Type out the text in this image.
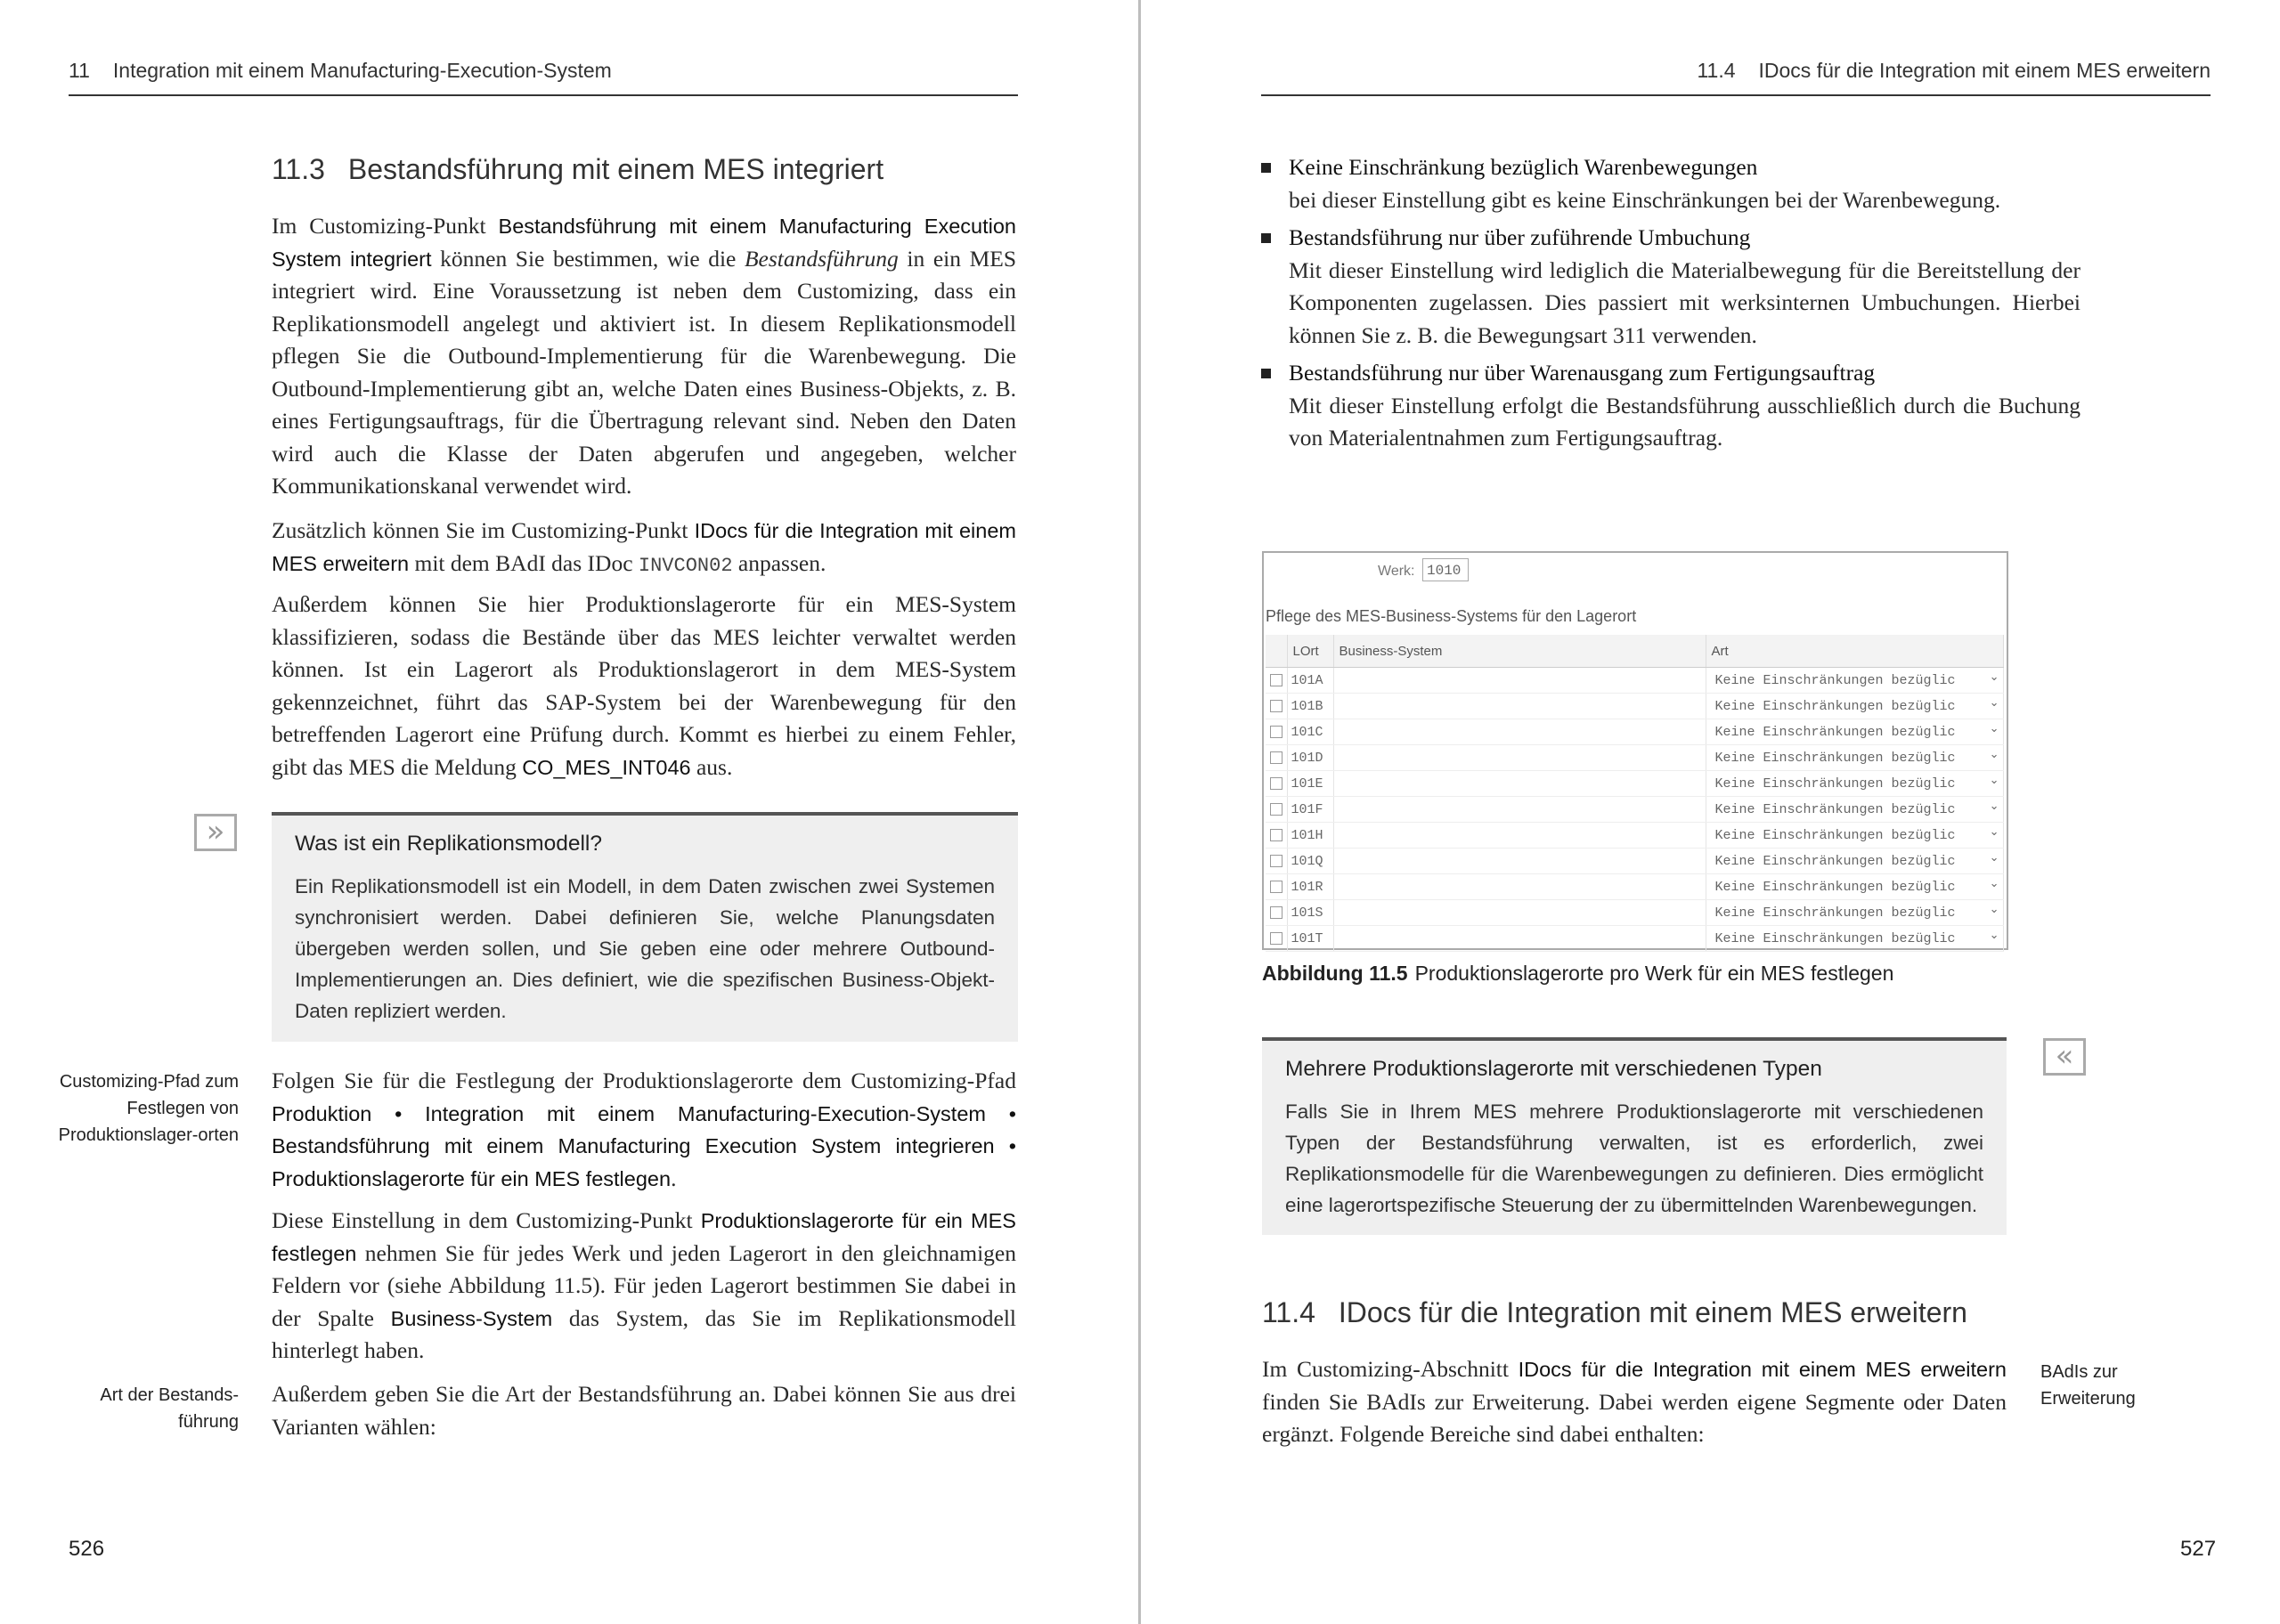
11 Integration mit einem Manufacturing-Execution-System
11.3 Bestandsführung mit einem MES integriert
Im Customizing-Punkt Bestandsführung mit einem Manufacturing Execution System integriert können Sie bestimmen, wie die Bestandsführung in ein MES integriert wird. Eine Voraussetzung ist neben dem Customizing, dass ein Replikationsmodell angelegt und aktiviert ist. In diesem Replikationsmodell pflegen Sie die Outbound-Implementierung für die Warenbewegung. Die Outbound-Implementierung gibt an, welche Daten eines Business-Objekts, z. B. eines Fertigungsauftrags, für die Übertragung relevant sind. Neben den Daten wird auch die Klasse der Daten abgerufen und angegeben, welcher Kommunikationskanal verwendet wird.
Zusätzlich können Sie im Customizing-Punkt IDocs für die Integration mit einem MES erweitern mit dem BAdI das IDoc INVCON02 anpassen.
Außerdem können Sie hier Produktionslagerorte für ein MES-System klassifizieren, sodass die Bestände über das MES leichter verwaltet werden können. Ist ein Lagerort als Produktionslagerort in dem MES-System gekennzeichnet, führt das SAP-System bei der Warenbewegung für den betreffenden Lagerort eine Prüfung durch. Kommt es hierbei zu einem Fehler, gibt das MES die Meldung CO_MES_INT046 aus.
»	Was ist ein Replikationsmodell?
Ein Replikationsmodell ist ein Modell, in dem Daten zwischen zwei Systemen synchronisiert werden. Dabei definieren Sie, welche Planungsdaten übergeben werden sollen, und Sie geben eine oder mehrere Outbound-Implementierungen an. Dies definiert, wie die spezifischen Business-Objekt-Daten repliziert werden.
Customizing-Pfad zum Festlegen von Produktionslager-orten
Folgen Sie für die Festlegung der Produktionslagerorte dem Customizing-Pfad Produktion • Integration mit einem Manufacturing-Execution-System • Bestandsführung mit einem Manufacturing Execution System integrieren • Produktionslagerorte für ein MES festlegen.
Diese Einstellung in dem Customizing-Punkt Produktionslagerorte für ein MES festlegen nehmen Sie für jedes Werk und jeden Lagerort in den gleichnamigen Feldern vor (siehe Abbildung 11.5). Für jeden Lagerort bestimmen Sie dabei in der Spalte Business-System das System, das Sie im Replikationsmodell hinterlegt haben.
Art der Bestands-führung
Außerdem geben Sie die Art der Bestandsführung an. Dabei können Sie aus drei Varianten wählen:
526
11.4 IDocs für die Integration mit einem MES erweitern
Keine Einschränkung bezüglich Warenbewegungen
bei dieser Einstellung gibt es keine Einschränkungen bei der Warenbewegung.
Bestandsführung nur über zuführende Umbuchung
Mit dieser Einstellung wird lediglich die Materialbewegung für die Bereitstellung der Komponenten zugelassen. Dies passiert mit werksinternen Umbuchungen. Hierbei können Sie z. B. die Bewegungsart 311 verwenden.
Bestandsführung nur über Warenausgang zum Fertigungsauftrag
Mit dieser Einstellung erfolgt die Bestandsführung ausschließlich durch die Buchung von Materialentnahmen zum Fertigungsauftrag.
Werk: 1010
Pflege des MES-Business-Systems für den Lagerort
	LOrt	Business-System	Art
	101A		Keine Einschränkungen bezüglic ⌄

	101B		Keine Einschränkungen bezüglic ⌄

	101C		Keine Einschränkungen bezüglic ⌄

	101D		Keine Einschränkungen bezüglic ⌄

	101E		Keine Einschränkungen bezüglic ⌄

	101F		Keine Einschränkungen bezüglic ⌄

	101H		Keine Einschränkungen bezüglic ⌄

	101Q		Keine Einschränkungen bezüglic ⌄

	101R		Keine Einschränkungen bezüglic ⌄

	101S		Keine Einschränkungen bezüglic ⌄

	101T		Keine Einschränkungen bezüglic ⌄
Abbildung 11.5 Produktionslagerorte pro Werk für ein MES festlegen
Mehrere Produktionslagerorte mit verschiedenen Typen
Falls Sie in Ihrem MES mehrere Produktionslagerorte mit verschiedenen Typen der Bestandsführung verwalten, ist es erforderlich, zwei Replikationsmodelle für die Warenbewegungen zu definieren. Dies ermöglicht eine lagerortspezifische Steuerung der zu übermittelnden Warenbewegungen.
«
11.4 IDocs für die Integration mit einem MES erweitern
Im Customizing-Abschnitt IDocs für die Integration mit einem MES erweitern finden Sie BAdIs zur Erweiterung. Dabei werden eigene Segmente oder Daten ergänzt. Folgende Bereiche sind dabei enthalten:
BAdIs zur Erweiterung
527
